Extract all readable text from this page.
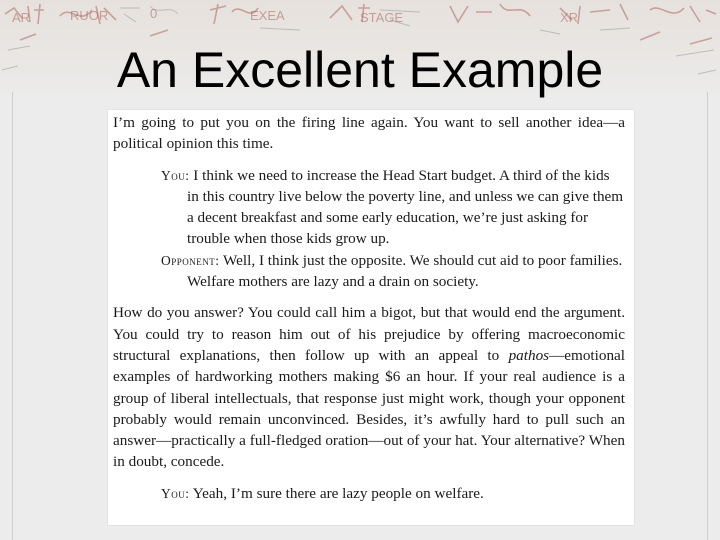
AR	RUOR	0	EXEA	STAGE	XR
An Excellent Example

I’m going to put you on the firing line again. You want to sell another idea—a political opinion this time.

You: I think we need to increase the Head Start budget. A third of the kids in this country live below the poverty line, and unless we can give them a decent breakfast and some early education, we’re just asking for trouble when those kids grow up.

Opponent: Well, I think just the opposite. We should cut aid to poor families. Welfare mothers are lazy and a drain on society.

How do you answer? You could call him a bigot, but that would end the argument. You could try to reason him out of his prejudice by offering macroeconomic structural explanations, then follow up with an appeal to pathos—emotional examples of hardworking mothers making $6 an hour. If your real audience is a group of liberal intellectuals, that response just might work, though your opponent probably would remain unconvinced. Besides, it’s awfully hard to pull such an answer—practically a full-fledged oration—out of your hat. Your alternative? When in doubt, concede.

You: Yeah, I’m sure there are lazy people on welfare.
